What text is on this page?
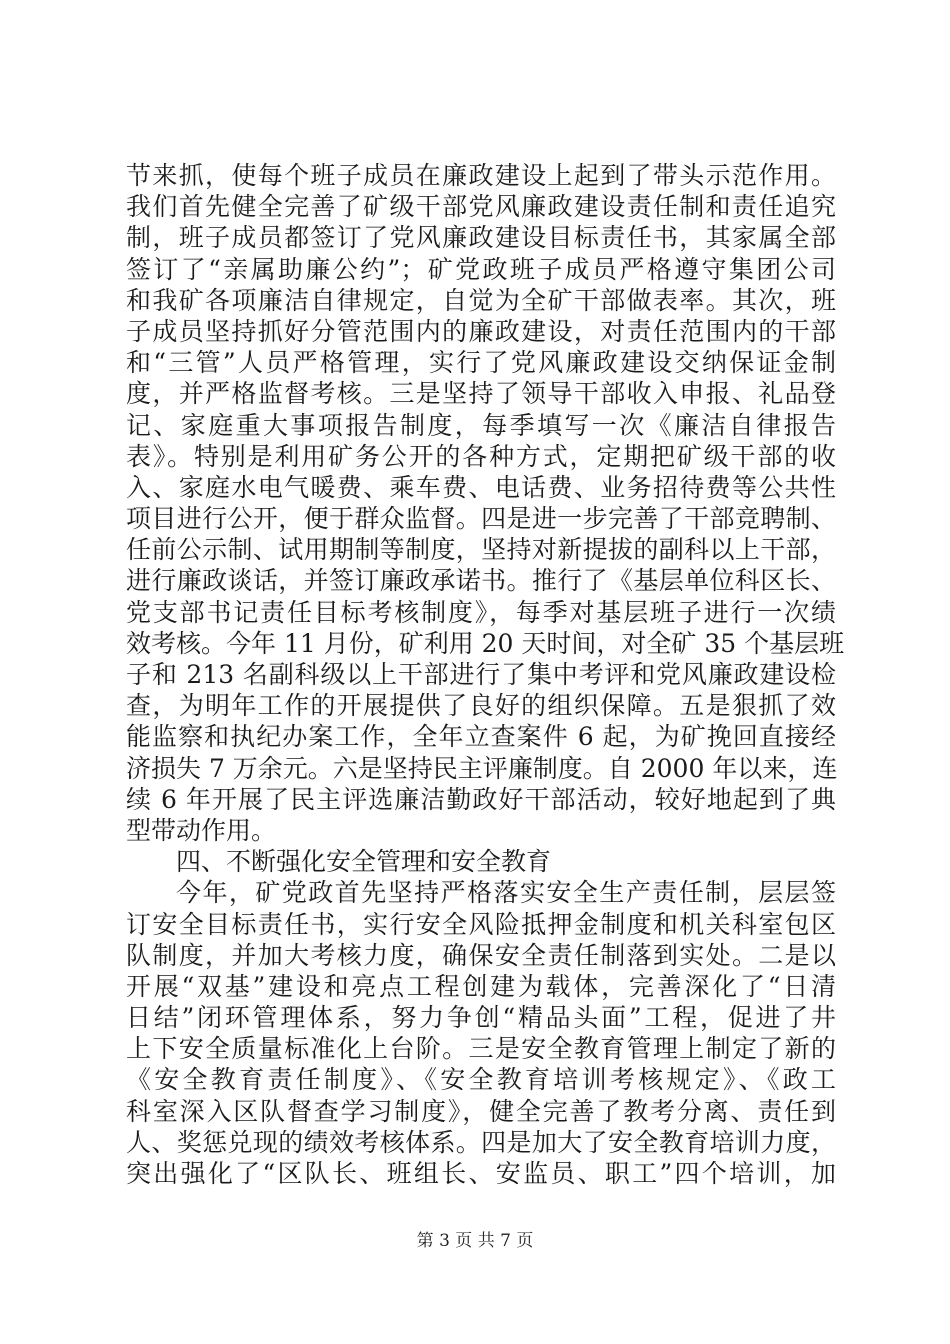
节来抓，使每个班子成员在廉政建设上起到了带头示范作用。
我们首先健全完善了矿级干部党风廉政建设责任制和责任追究
制，班子成员都签订了党风廉政建设目标责任书，其家属全部
签订了“亲属助廉公约”；矿党政班子成员严格遵守集团公司
和我矿各项廉洁自律规定，自觉为全矿干部做表率。其次，班
子成员坚持抓好分管范围内的廉政建设，对责任范围内的干部
和“三管”人员严格管理，实行了党风廉政建设交纳保证金制
度，并严格监督考核。三是坚持了领导干部收入申报、礼品登
记、家庭重大事项报告制度，每季填写一次《廉洁自律报告
表》。特别是利用矿务公开的各种方式，定期把矿级干部的收
入、家庭水电气暖费、乘车费、电话费、业务招待费等公共性
项目进行公开，便于群众监督。四是进一步完善了干部竞聘制、
任前公示制、试用期制等制度，坚持对新提拔的副科以上干部，
进行廉政谈话，并签订廉政承诺书。推行了《基层单位科区长、
党支部书记责任目标考核制度》，每季对基层班子进行一次绩
效考核。今年 11 月份，矿利用 20 天时间，对全矿 35 个基层班
子和 213 名副科级以上干部进行了集中考评和党风廉政建设检
查，为明年工作的开展提供了良好的组织保障。五是狠抓了效
能监察和执纪办案工作，全年立查案件 6 起，为矿挽回直接经
济损失 7 万余元。六是坚持民主评廉制度。自 2000 年以来，连
续 6 年开展了民主评选廉洁勤政好干部活动，较好地起到了典
型带动作用。
四、不断强化安全管理和安全教育
今年，矿党政首先坚持严格落实安全生产责任制，层层签
订安全目标责任书，实行安全风险抵押金制度和机关科室包区
队制度，并加大考核力度，确保安全责任制落到实处。二是以
开展“双基”建设和亮点工程创建为载体，完善深化了“日清
日结”闭环管理体系，努力争创“精品头面”工程，促进了井
上下安全质量标准化上台阶。三是安全教育管理上制定了新的
《安全教育责任制度》、《安全教育培训考核规定》、《政工
科室深入区队督查学习制度》，健全完善了教考分离、责任到
人、奖惩兑现的绩效考核体系。四是加大了安全教育培训力度，
突出强化了“区队长、班组长、安监员、职工”四个培训，加
第 3 页 共 7 页
